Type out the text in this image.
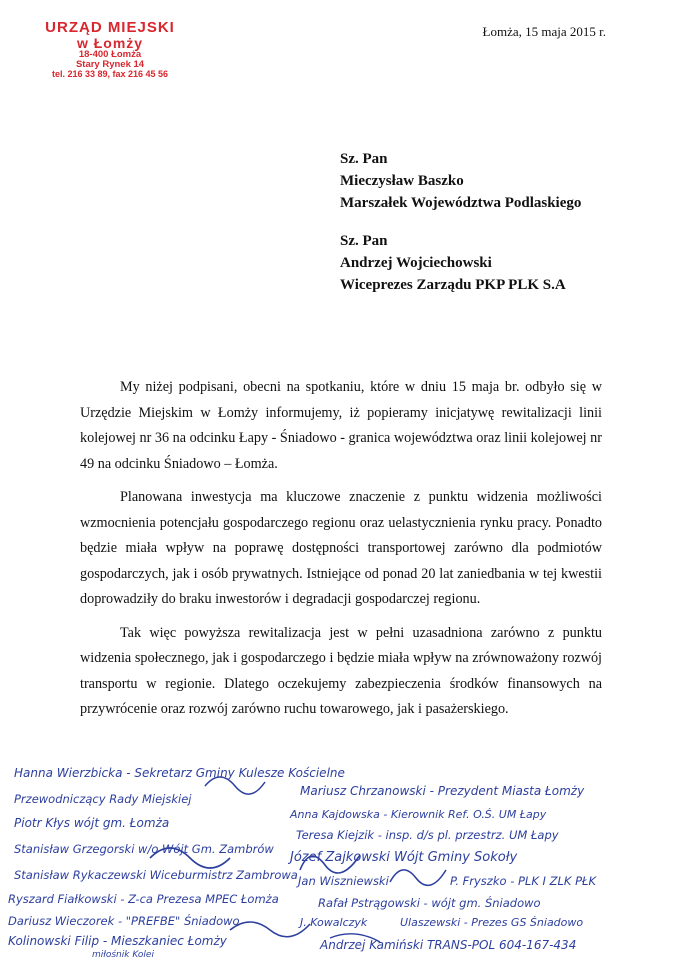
URZĄD MIEJSKI
w Łomży
18-400 Łomża
Stary Rynek 14
tel. 216 33 89, fax 216 45 56
Łomża, 15 maja 2015 r.
Sz. Pan
Mieczysław Baszko
Marszałek Województwa Podlaskiego
Sz. Pan
Andrzej Wojciechowski
Wiceprezes Zarządu PKP PLK S.A

My niżej podpisani, obecni na spotkaniu, które w dniu 15 maja br. odbyło się w Urzędzie Miejskim w Łomży informujemy, iż popieramy inicjatywę rewitalizacji linii kolejowej nr 36 na odcinku Łapy - Śniadowo - granica województwa oraz linii kolejowej nr 49 na odcinku Śniadowo – Łomża.

Planowana inwestycja ma kluczowe znaczenie z punktu widzenia możliwości wzmocnienia potencjału gospodarczego regionu oraz uelastycznienia rynku pracy. Ponadto będzie miała wpływ na poprawę dostępności transportowej zarówno dla podmiotów gospodarczych, jak i osób prywatnych. Istniejące od ponad 20 lat zaniedbania w tej kwestii doprowadziły do braku inwestorów i degradacji gospodarczej regionu.

Tak więc powyższa rewitalizacja jest w pełni uzasadniona zarówno z punktu widzenia społecznego, jak i gospodarczego i będzie miała wpływ na zrównoważony rozwój transportu w regionie. Dlatego oczekujemy zabezpieczenia środków finansowych na przywrócenie oraz rozwój zarówno ruchu towarowego, jak i pasażerskiego.

Hanna Wierzbicka - Sekretarz Gminy Kulesze Kościelne
Przewodniczący Rady Miejskiej
Mariusz Chrzanowski - Prezydent Miasta Łomży
Piotr Kłys wójt gm. Łomża
Anna Kajdowska - Kierownik Ref. O.Ś. UM Łapy
Teresa Kiejzik - insp. d/s pl. przestrz. UM Łapy
Stanisław Grzegorski w/o Wójt Gm. Zambrów
Józef Zajkowski Wójt Gminy Sokoły
Stanisław Rykaczewski Wiceburmistrz Zambrowa Jan Wiszniewski	P. Fryszko - PLK I ZLK PŁK
Ryszard Fiałkowski - Z-ca Prezesa MPEC Łomża	Rafał Pstrągowski - wójt gm. Śniadowo
Dariusz Wieczorek - "PREFBE" Śniadowo	J. Kowalczyk	Ulaszewski - Prezes GS Śniadowo
Kolinowski Filip - Mieszkaniec Łomży
miłośnik Kolei
Andrzej Kamiński TRANS-POL 604-167-434
